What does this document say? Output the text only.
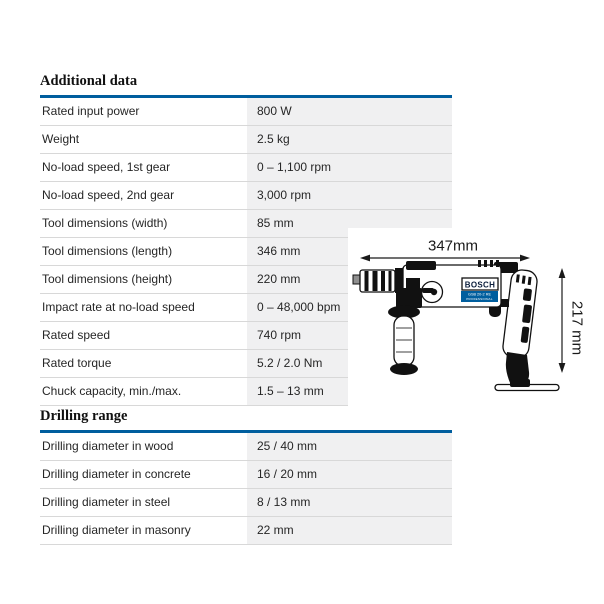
Additional data
Rated input power	800 W
Weight	2.5 kg
No-load speed, 1st gear	0 – 1,100 rpm
No-load speed, 2nd gear	3,000 rpm
Tool dimensions (width)	85 mm
Tool dimensions (length)	346 mm
Tool dimensions (height)	220 mm
Impact rate at no-load speed	0 – 48,000 bpm
Rated speed	740 rpm
Rated torque	5.2 / 2.0 Nm
Chuck capacity, min./max.	1.5 – 13 mm
Drilling range
Drilling diameter in wood	25 / 40 mm
Drilling diameter in concrete	16 / 20 mm
Drilling diameter in steel	8 / 13 mm
Drilling diameter in masonry	22 mm
347mm
217 mm
BOSCH
GSB 20-2 RE
PROFESSIONAL
